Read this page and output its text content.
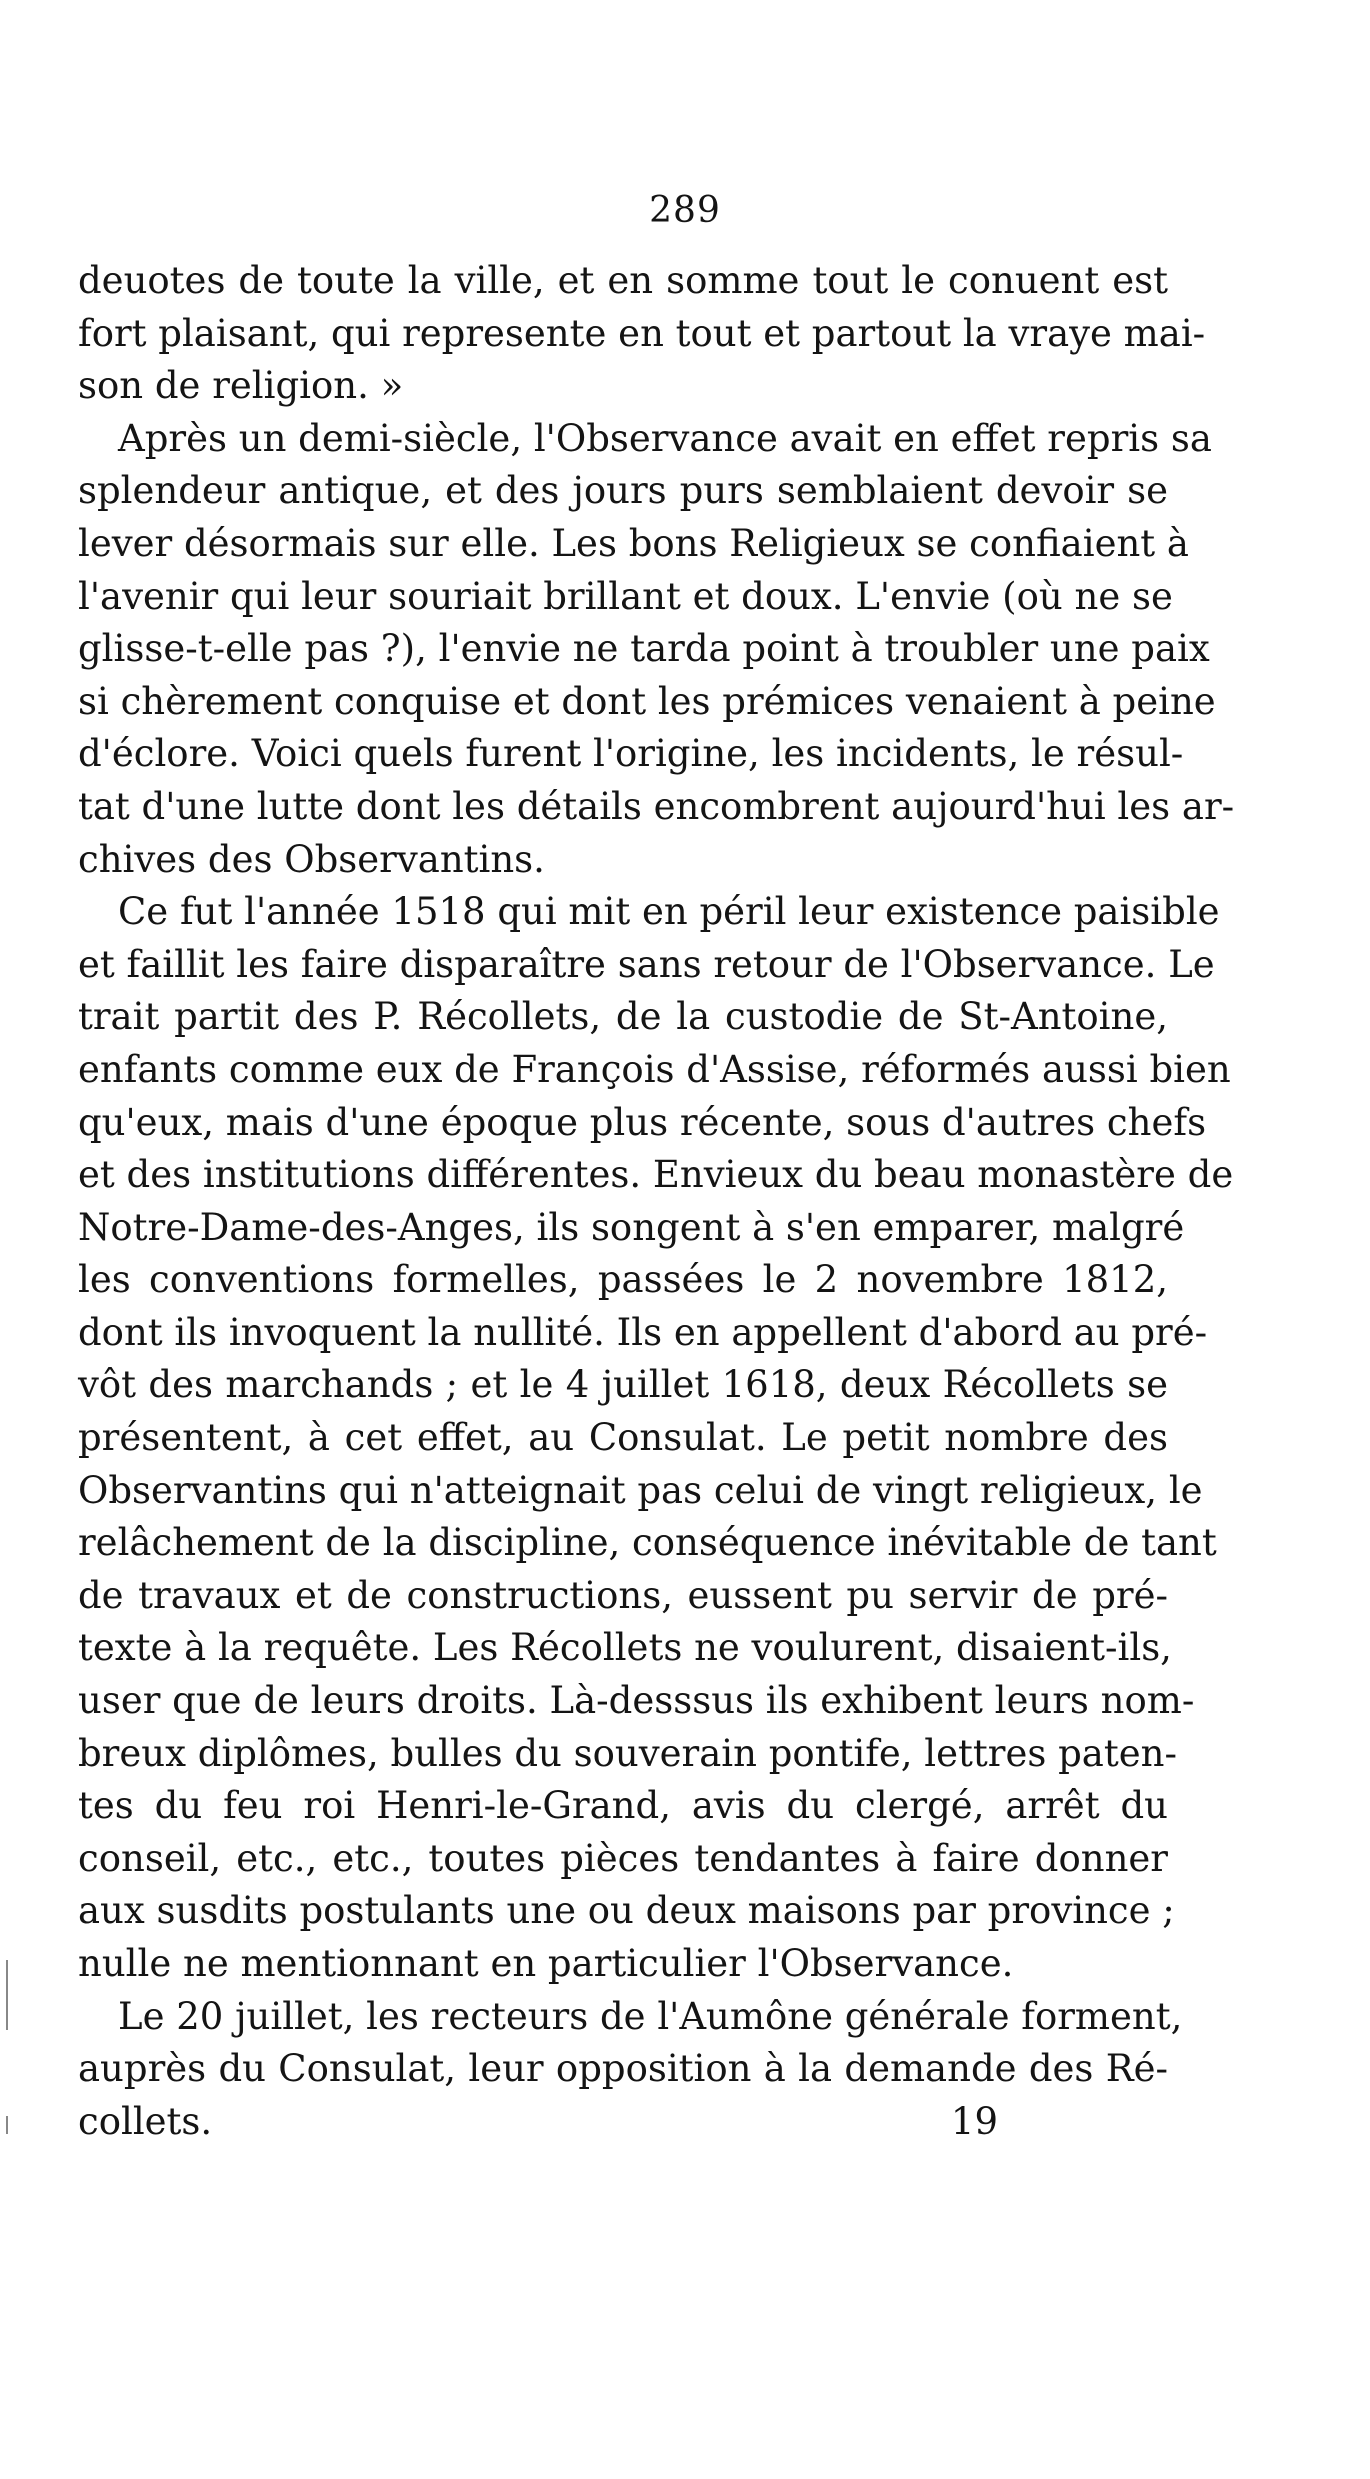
289
deuotes de toute la ville, et en somme tout le conuent est
fort plaisant, qui represente en tout et partout la vraye mai-
son de religion. »
Après un demi-siècle, l'Observance avait en effet repris sa
splendeur antique, et des jours purs semblaient devoir se
lever désormais sur elle. Les bons Religieux se confiaient à
l'avenir qui leur souriait brillant et doux. L'envie (où ne se
glisse-t-elle pas ?), l'envie ne tarda point à troubler une paix
si chèrement conquise et dont les prémices venaient à peine
d'éclore. Voici quels furent l'origine, les incidents, le résul-
tat d'une lutte dont les détails encombrent aujourd'hui les ar-
chives des Observantins.
Ce fut l'année 1518 qui mit en péril leur existence paisible
et faillit les faire disparaître sans retour de l'Observance. Le
trait partit des P. Récollets, de la custodie de St-Antoine,
enfants comme eux de François d'Assise, réformés aussi bien
qu'eux, mais d'une époque plus récente, sous d'autres chefs
et des institutions différentes. Envieux du beau monastère de
Notre-Dame-des-Anges, ils songent à s'en emparer, malgré
les conventions formelles, passées le 2 novembre 1812,
dont ils invoquent la nullité. Ils en appellent d'abord au pré-
vôt des marchands ; et le 4 juillet 1618, deux Récollets se
présentent, à cet effet, au Consulat. Le petit nombre des
Observantins qui n'atteignait pas celui de vingt religieux, le
relâchement de la discipline, conséquence inévitable de tant
de travaux et de constructions, eussent pu servir de pré-
texte à la requête. Les Récollets ne voulurent, disaient-ils,
user que de leurs droits. Là-desssus ils exhibent leurs nom-
breux diplômes, bulles du souverain pontife, lettres paten-
tes du feu roi Henri-le-Grand, avis du clergé, arrêt du
conseil, etc., etc., toutes pièces tendantes à faire donner
aux susdits postulants une ou deux maisons par province ;
nulle ne mentionnant en particulier l'Observance.
Le 20 juillet, les recteurs de l'Aumône générale forment,
auprès du Consulat, leur opposition à la demande des Ré-
collets.	19
